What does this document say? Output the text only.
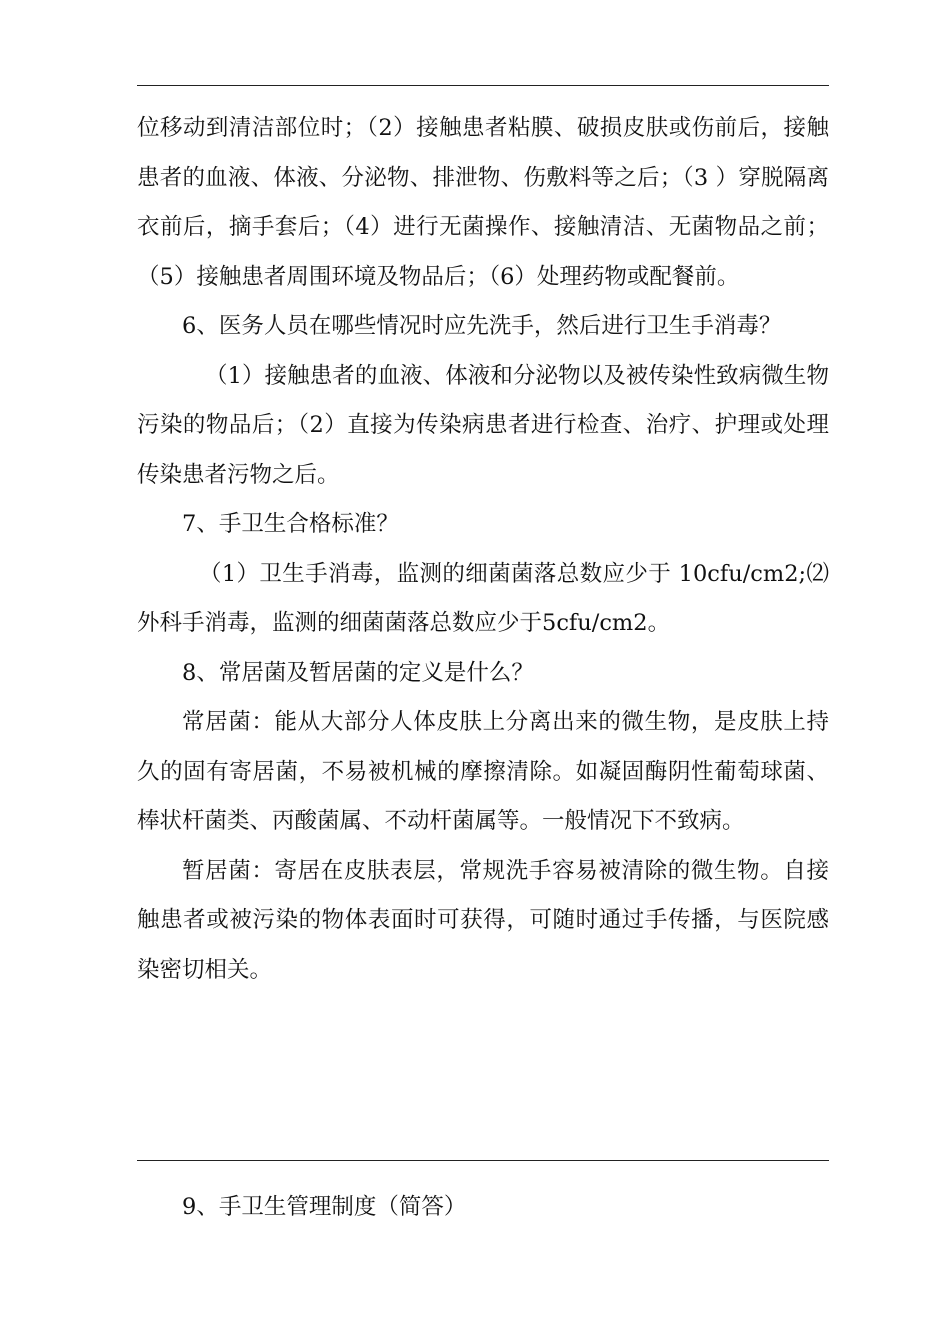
位移动到清洁部位时；（2）接触患者粘膜、破损皮肤或伤前后，接触患者的血液、体液、分泌物、排泄物、伤敷料等之后；（3 ）穿脱隔离衣前后，摘手套后；（4）进行无菌操作、接触清洁、无菌物品之前；（5）接触患者周围环境及物品后；（6）处理药物或配餐前。

6、医务人员在哪些情况时应先洗手，然后进行卫生手消毒？

（1）接触患者的血液、体液和分泌物以及被传染性致病微生物污染的物品后；（2）直接为传染病患者进行检查、治疗、护理或处理传染患者污物之后。

7、手卫生合格标准？

（1）卫生手消毒，监测的细菌菌落总数应少于 10cfu/cm2;⑵ 外科手消毒，监测的细菌菌落总数应少于5cfu/cm2。

8、常居菌及暂居菌的定义是什么？

常居菌：能从大部分人体皮肤上分离出来的微生物，是皮肤上持久的固有寄居菌，不易被机械的摩擦清除。如凝固酶阴性葡萄球菌、棒状杆菌类、丙酸菌属、不动杆菌属等。一般情况下不致病。

暂居菌：寄居在皮肤表层，常规洗手容易被清除的微生物。自接触患者或被污染的物体表面时可获得，可随时通过手传播，与医院感染密切相关。

9、手卫生管理制度（简答）
